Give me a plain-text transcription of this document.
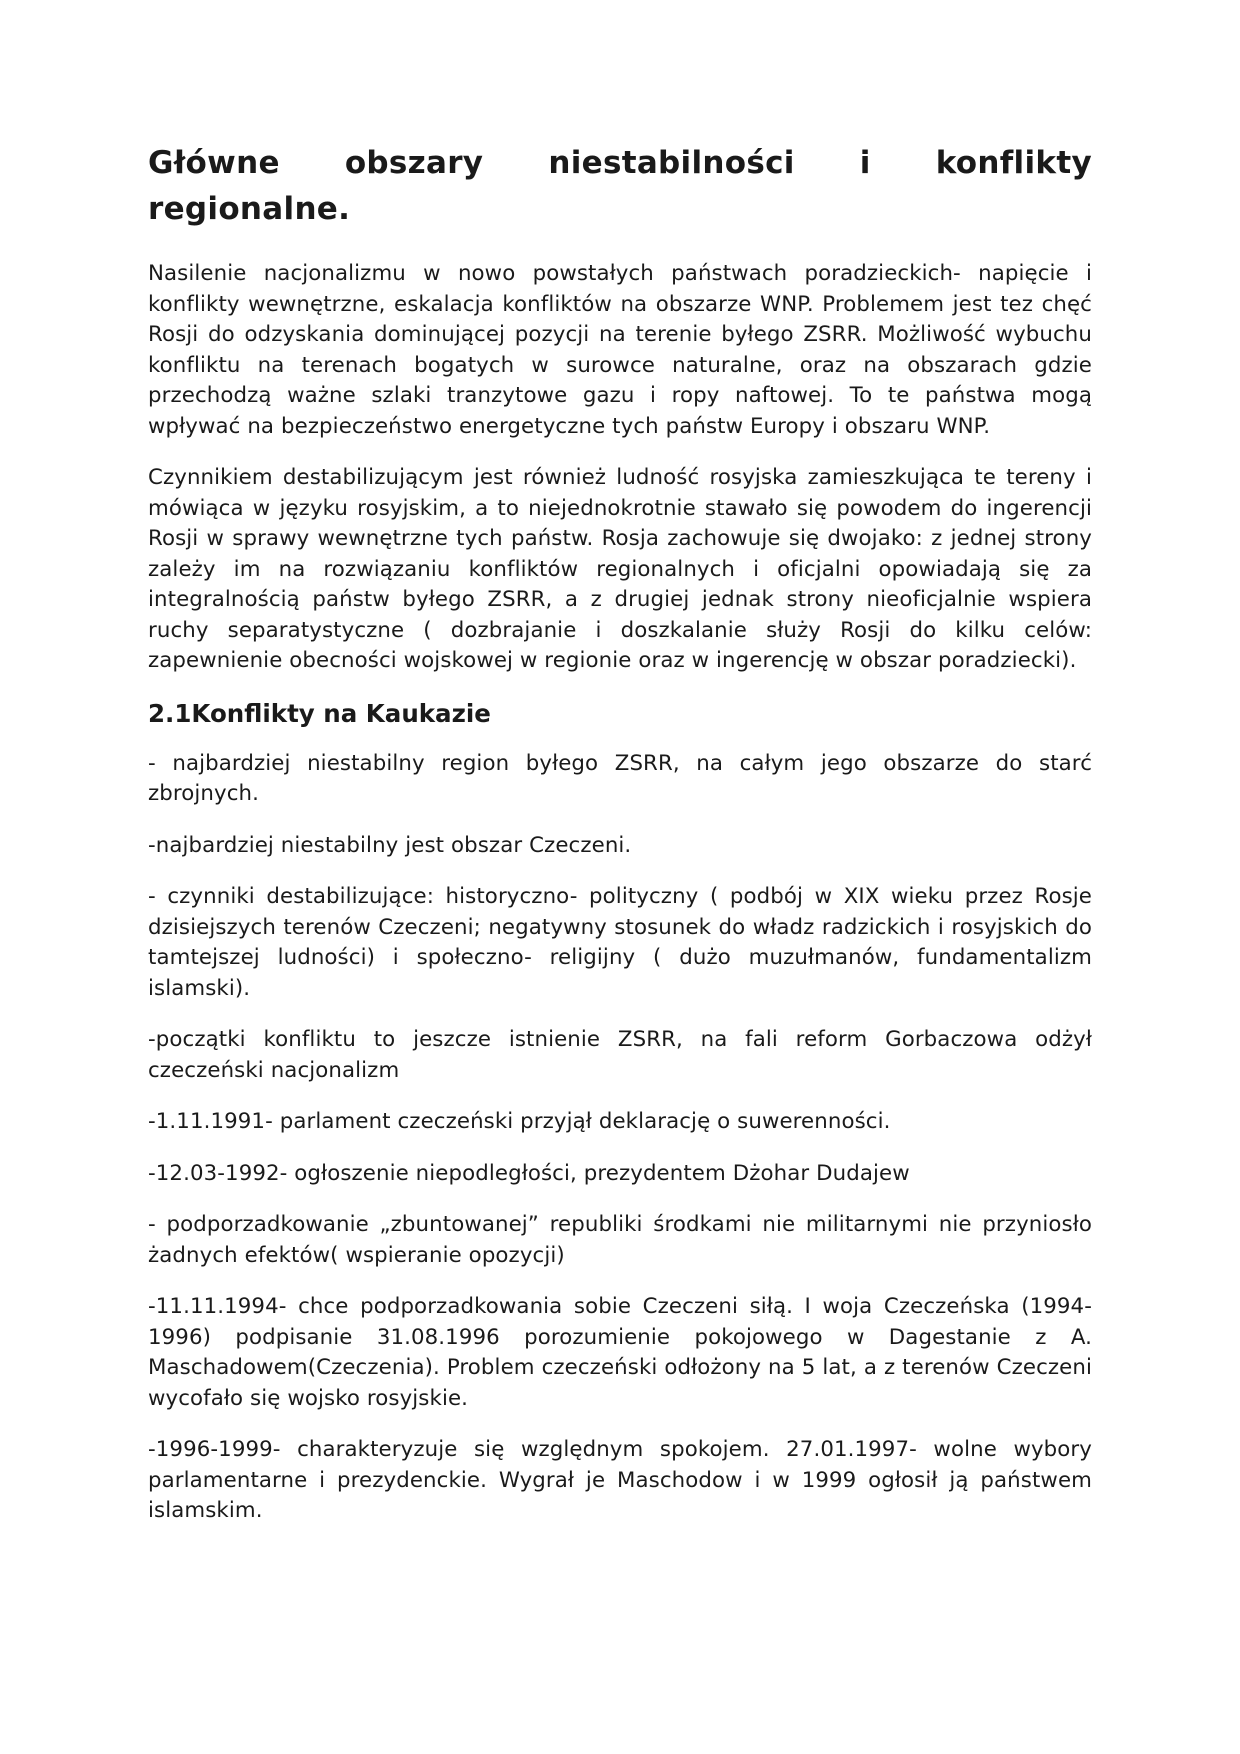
Główne obszary niestabilności i konflikty
regionalne.

Nasilenie nacjonalizmu w nowo powstałych państwach poradzieckich- napięcie i konflikty wewnętrzne, eskalacja konfliktów na obszarze WNP. Problemem jest tez chęć Rosji do odzyskania dominującej pozycji na terenie byłego ZSRR. Możliwość wybuchu konfliktu na terenach bogatych w surowce naturalne, oraz na obszarach gdzie przechodzą ważne szlaki tranzytowe gazu i ropy naftowej. To te państwa mogą wpływać na bezpieczeństwo energetyczne tych państw Europy i obszaru WNP.

Czynnikiem destabilizującym jest również ludność rosyjska zamieszkująca te tereny i mówiąca w języku rosyjskim, a to niejednokrotnie stawało się powodem do ingerencji Rosji w sprawy wewnętrzne tych państw. Rosja zachowuje się dwojako: z jednej strony zależy im na rozwiązaniu konfliktów regionalnych i oficjalni opowiadają się za integralnością państw byłego ZSRR, a z drugiej jednak strony nieoficjalnie wspiera ruchy separatystyczne ( dozbrajanie i doszkalanie służy Rosji do kilku celów: zapewnienie obecności wojskowej w regionie oraz w ingerencję w obszar poradziecki).

2.1Konflikty na Kaukazie

- najbardziej niestabilny region byłego ZSRR, na całym jego obszarze do starć zbrojnych.

-najbardziej niestabilny jest obszar Czeczeni.

- czynniki destabilizujące: historyczno- polityczny ( podbój w XIX wieku przez Rosje dzisiejszych terenów Czeczeni; negatywny stosunek do władz radzickich i rosyjskich do tamtejszej ludności) i społeczno- religijny ( dużo muzułmanów, fundamentalizm islamski).

-początki konfliktu to jeszcze istnienie ZSRR, na fali reform Gorbaczowa odżył czeczeński nacjonalizm

-1.11.1991- parlament czeczeński przyjął deklarację o suwerenności.

-12.03-1992- ogłoszenie niepodległości, prezydentem Dżohar Dudajew

- podporzadkowanie „zbuntowanej” republiki środkami nie militarnymi nie przyniosło żadnych efektów( wspieranie opozycji)

-11.11.1994- chce podporzadkowania sobie Czeczeni siłą. I woja Czeczeńska (1994-1996) podpisanie 31.08.1996 porozumienie pokojowego w Dagestanie z A. Maschadowem(Czeczenia). Problem czeczeński odłożony na 5 lat, a z terenów Czeczeni wycofało się wojsko rosyjskie.

-1996-1999- charakteryzuje się względnym spokojem. 27.01.1997- wolne wybory parlamentarne i prezydenckie. Wygrał je Maschodow i w 1999 ogłosił ją państwem islamskim.
